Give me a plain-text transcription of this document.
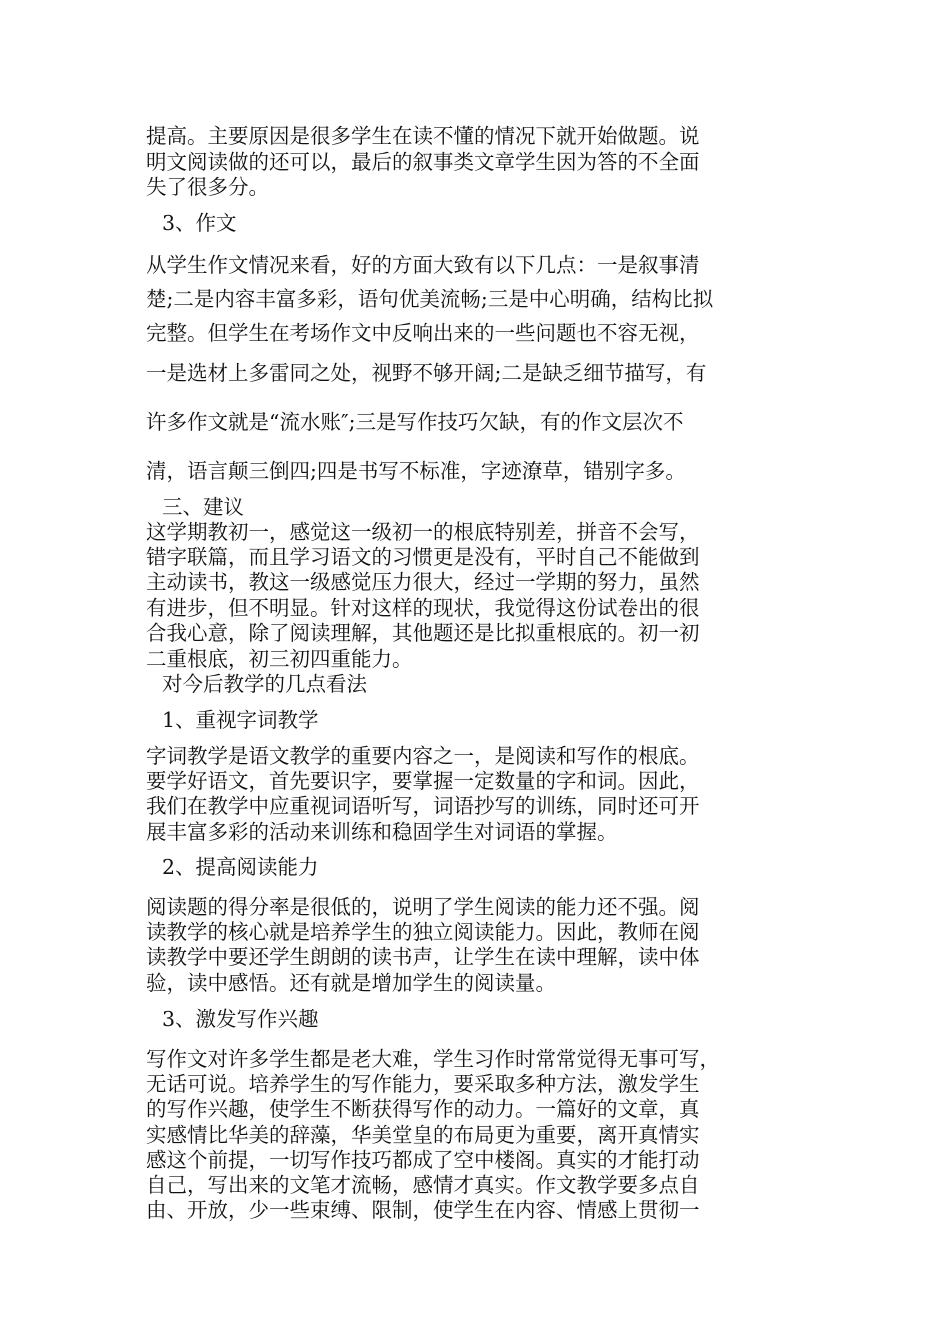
提高。主要原因是很多学生在读不懂的情况下就开始做题。说

明文阅读做的还可以，最后的叙事类文章学生因为答的不全面

失了很多分。

3、作文

从学生作文情况来看，好的方面大致有以下几点：一是叙事清

楚;二是内容丰富多彩，语句优美流畅;三是中心明确，结构比拟

完整。但学生在考场作文中反响出来的一些问题也不容无视，

一是选材上多雷同之处，视野不够开阔;二是缺乏细节描写，有

许多作文就是“流水账″;三是写作技巧欠缺，有的作文层次不

清，语言颠三倒四;四是书写不标准，字迹潦草，错别字多。

三、建议

这学期教初一，感觉这一级初一的根底特别差，拼音不会写，

错字联篇，而且学习语文的习惯更是没有，平时自己不能做到

主动读书，教这一级感觉压力很大，经过一学期的努力，虽然

有进步，但不明显。针对这样的现状，我觉得这份试卷出的很

合我心意，除了阅读理解，其他题还是比拟重根底的。初一初

二重根底，初三初四重能力。

对今后教学的几点看法

1、重视字词教学

字词教学是语文教学的重要内容之一，是阅读和写作的根底。

要学好语文，首先要识字，要掌握一定数量的字和词。因此，

我们在教学中应重视词语听写，词语抄写的训练，同时还可开

展丰富多彩的活动来训练和稳固学生对词语的掌握。

2、提高阅读能力

阅读题的得分率是很低的，说明了学生阅读的能力还不强。阅

读教学的核心就是培养学生的独立阅读能力。因此，教师在阅

读教学中要还学生朗朗的读书声，让学生在读中理解，读中体

验，读中感悟。还有就是增加学生的阅读量。

3、激发写作兴趣

写作文对许多学生都是老大难，学生习作时常常觉得无事可写，

无话可说。培养学生的写作能力，要采取多种方法，激发学生

的写作兴趣，使学生不断获得写作的动力。一篇好的文章，真

实感情比华美的辞藻，华美堂皇的布局更为重要，离开真情实

感这个前提，一切写作技巧都成了空中楼阁。真实的才能打动

自己，写出来的文笔才流畅，感情才真实。作文教学要多点自

由、开放，少一些束缚、限制，使学生在内容、情感上贯彻一
